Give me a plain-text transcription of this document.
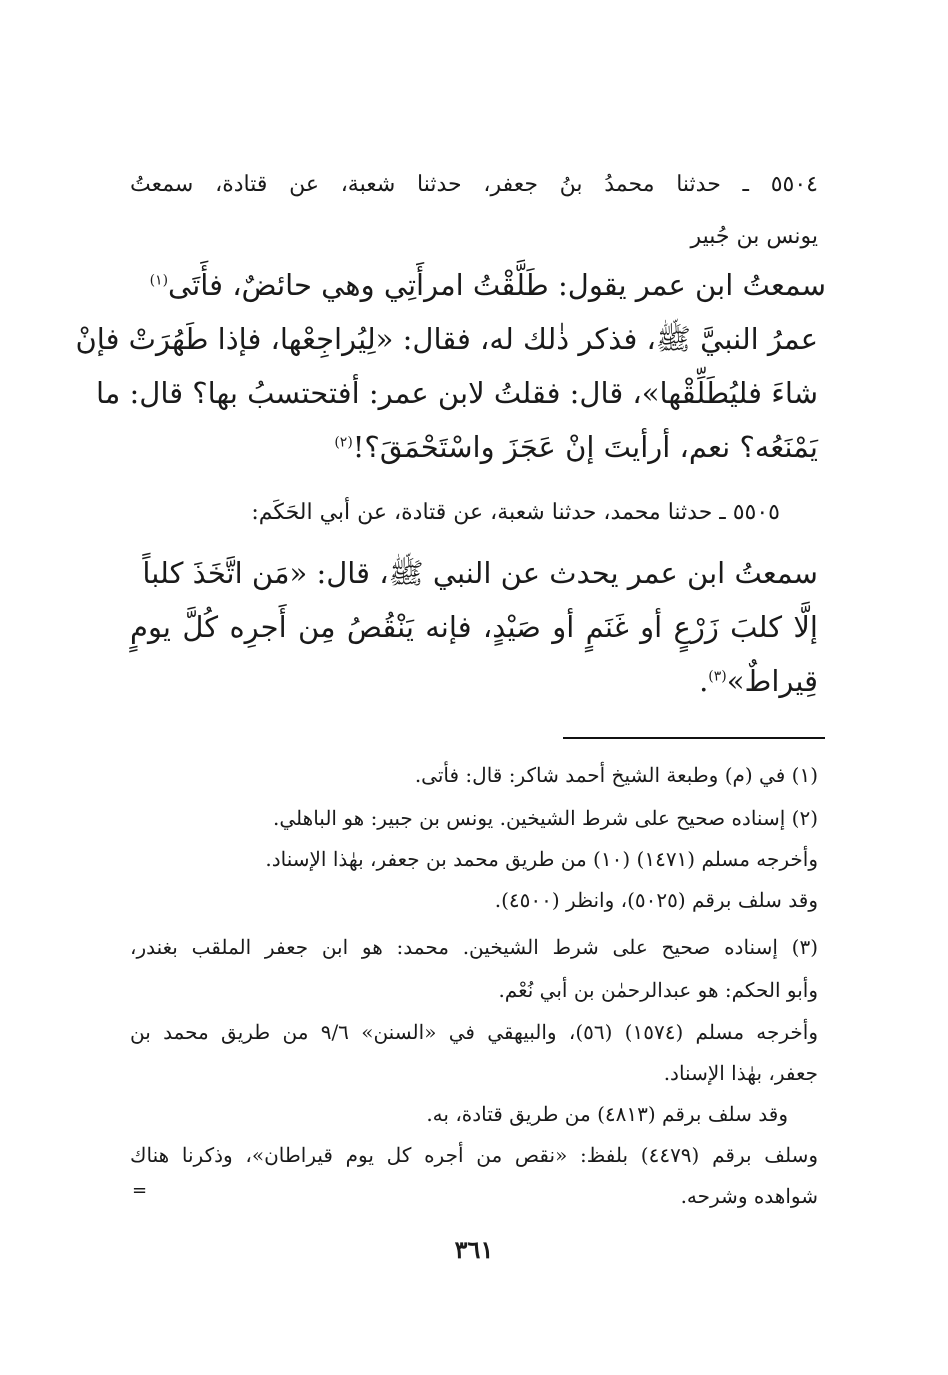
٥٥٠٤ ـ حدثنا محمدُ بنُ جعفر، حدثنا شعبة، عن قتادة، سمعتُ
يونس بن جُبير
سمعتُ ابن عمر يقول: طَلَّقْتُ امرأَتِي وهي حائضٌ، فأَتَى$^{(١)}$
عمرُ النبيَّ ﷺ، فذكر ذٰلك له، فقال: «لِيُراجِعْها، فإذا طَهُرَتْ فإنْ
شاءَ فليُطَلِّقْها»، قال: فقلتُ لابن عمر: أفتحتسبُ بها؟ قال: ما
يَمْنَعُه؟ نعم، أرأيتَ إنْ عَجَزَ واسْتَحْمَقَ؟!$^{(٢)}$
٥٥٠٥ ـ حدثنا محمد، حدثنا شعبة، عن قتادة، عن أبي الحَكَم:
سمعتُ ابن عمر يحدث عن النبي ﷺ، قال: «مَن اتَّخَذَ كلباً
إلَّا كلبَ زَرْعٍ أو غَنَمٍ أو صَيْدٍ، فإنه يَنْقُصُ مِن أَجرِه كُلَّ يومٍ
قِيراطٌ»$^{(٣)}$.
(١) في (م) وطبعة الشيخ أحمد شاكر: قال: فأتى.
(٢) إسناده صحيح على شرط الشيخين. يونس بن جبير: هو الباهلي.
وأخرجه مسلم (١٤٧١) (١٠) من طريق محمد بن جعفر، بهٰذا الإسناد.
وقد سلف برقم (٥٠٢٥)، وانظر (٤٥٠٠).
(٣) إسناده صحيح على شرط الشيخين. محمد: هو ابن جعفر الملقب بغندر،
وأبو الحكم: هو عبدالرحمٰن بن أبي نُعْم.
وأخرجه مسلم (١٥٧٤) (٥٦)، والبيهقي في «السنن» ٩/٦ من طريق محمد بن
جعفر، بهٰذا الإسناد.
وقد سلف برقم (٤٨١٣) من طريق قتادة، به.
وسلف برقم (٤٤٧٩) بلفظ: «نقص من أجره كل يوم قيراطان»، وذكرنا هناك
شواهده وشرحه.
=
٣٦١
